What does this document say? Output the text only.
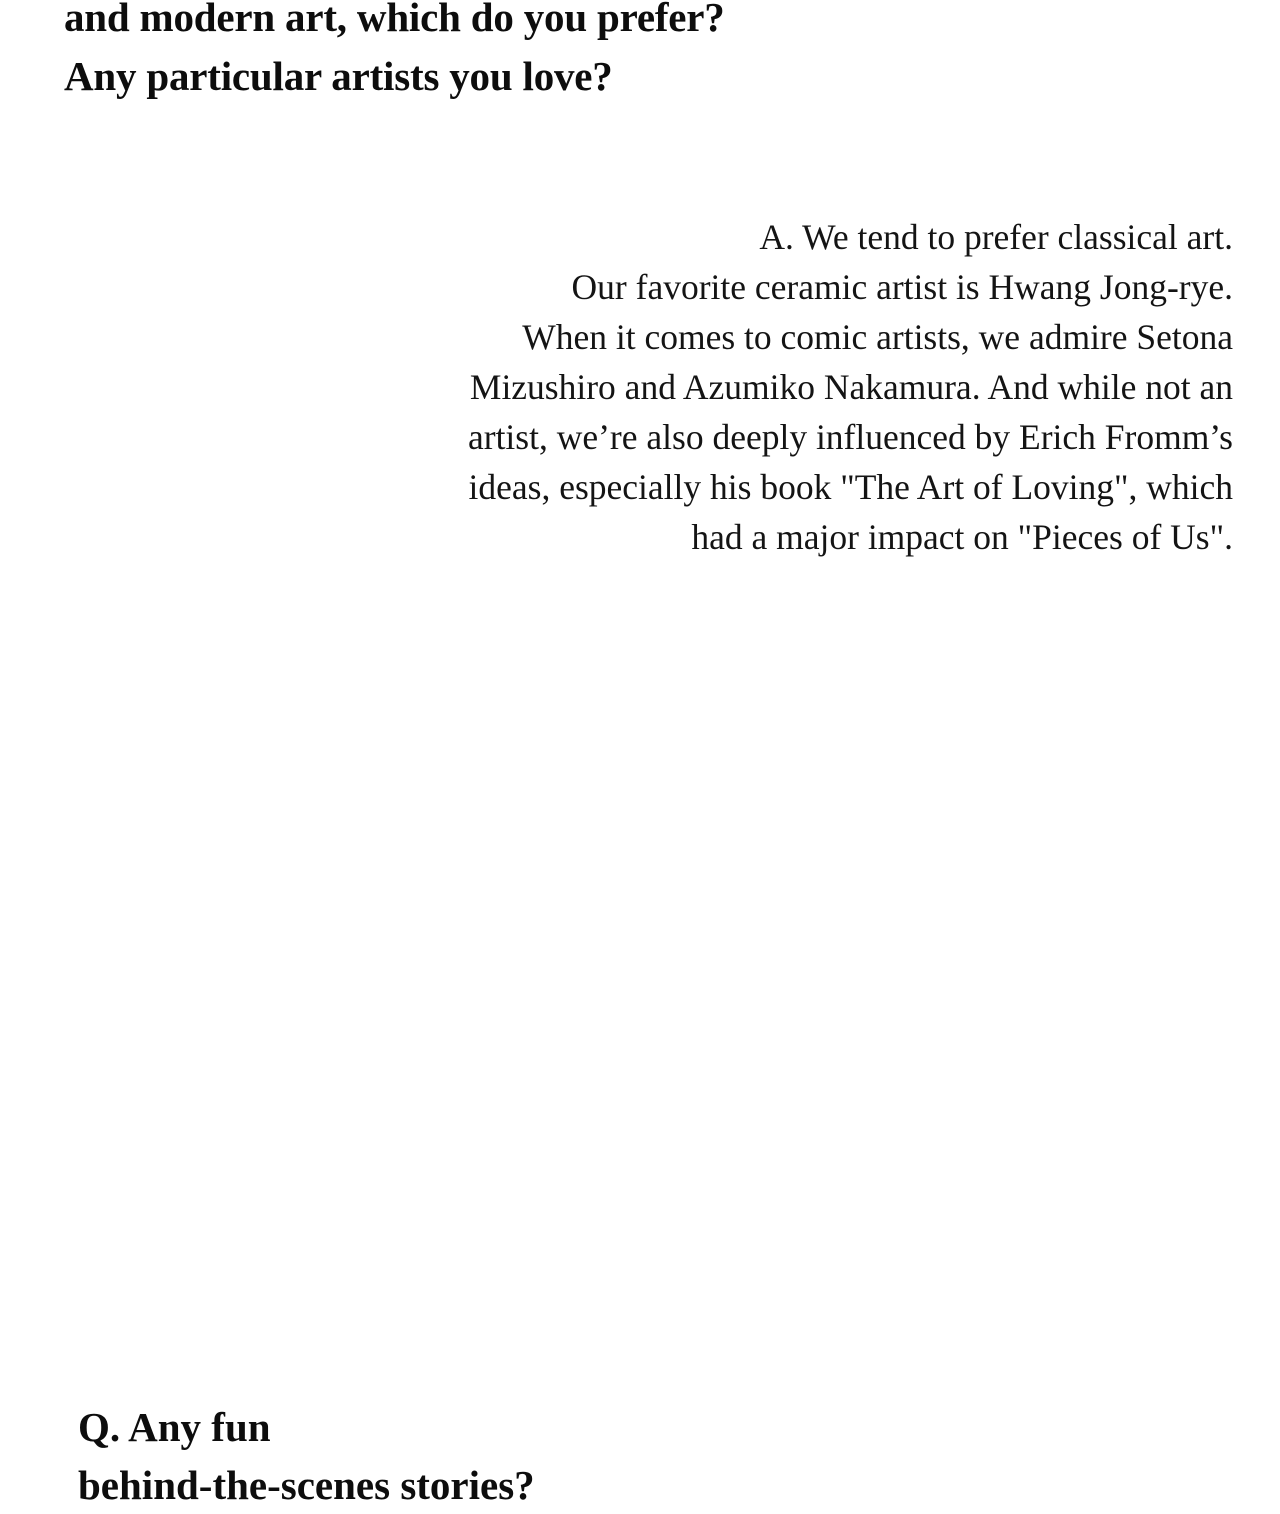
and modern art, which do you prefer?
Any particular artists you love?
A. We tend to prefer classical art.
Our favorite ceramic artist is Hwang Jong-rye.
When it comes to comic artists, we admire Setona
Mizushiro and Azumiko Nakamura. And while not an
artist, we’re also deeply influenced by Erich Fromm’s
ideas, especially his book "The Art of Loving", which
had a major impact on "Pieces of Us".
Q. Any fun
behind-the-scenes stories?
